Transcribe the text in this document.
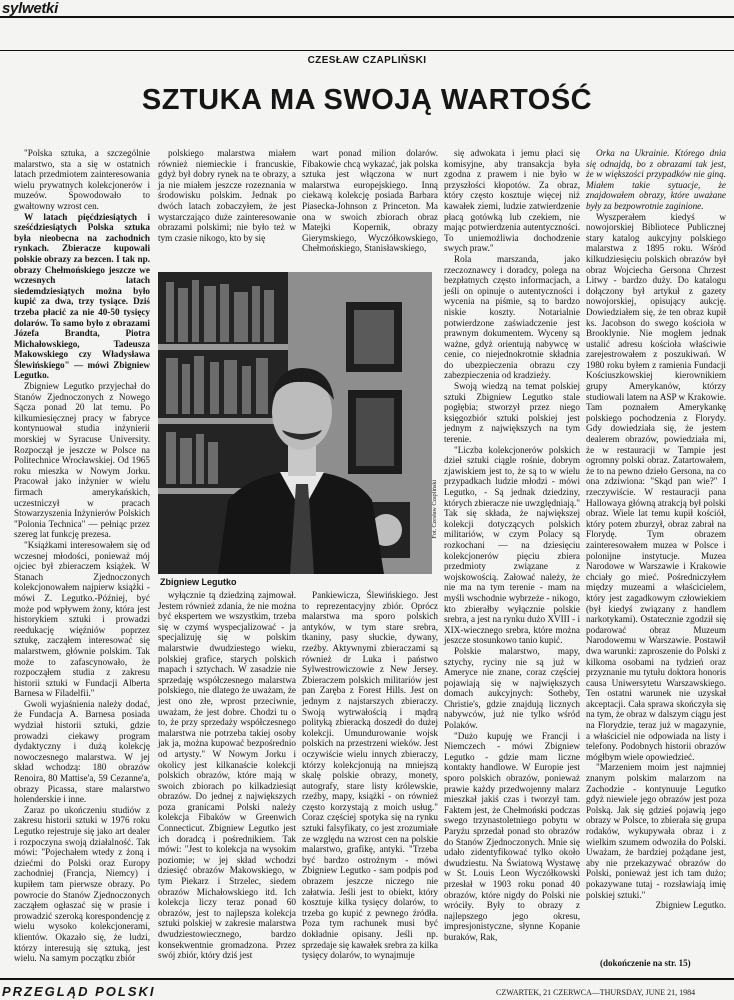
sylwetki
CZESŁAW CZAPLIŃSKI
SZTUKA MA SWOJĄ WARTOŚĆ

"Polska sztuka, a szczególnie malarstwo, sta a się w ostatnich latach przedmiotem zainteresowania wielu prywatnych kolekcjonerów i muzeów. Spowodowało to gwałtowny wzrost cen.

W latach pięćdziesiątych i sześćdziesiątych Polska sztuka była nieobecna na zachodnich rynkach. Zbieracze kupowali polskie obrazy za bezcen. I tak np. obrazy Chełmońskiego jeszcze we wczesnych latach siedemdziesiątych można było kupić za dwa, trzy tysiące. Dziś trzeba płacić za nie 40-50 tysięcy dolarów. To samo było z obrazami Józefa Brandta, Piotra Michałowskiego, Tadeusza Makowskiego czy Władysława Ślewińskiego" — mówi Zbigniew Legutko.

Zbigniew Legutko przyjechał do Stanów Zjednoczonych z Nowego Sącza ponad 20 lat temu. Po kilkumiesięcznej pracy w fabryce kontynuował studia inżynierii morskiej w Syracuse University. Rozpoczął je jeszcze w Polsce na Politechnice Wrocławskiej. Od 1965 roku mieszka w Nowym Jorku. Pracował jako inżynier w wielu firmach amerykańskich, uczestniczył w pracach Stowarzyszenia Inżynierów Polskich "Polonia Technica" — pełniąc przez szereg lat funkcję prezesa.

"Książkami interesowałem się od wczesnej młodości, ponieważ mój ojciec był zbieraczem książek. W Stanach Zjednoczonych kolekcjonowałem najpierw książki - mówi Z. Legutko.-Później, być może pod wpływem żony, która jest historykiem sztuki i prowadzi reedukację więźniów poprzez sztukę, zacząłem interesować się malarstwem, głównie polskim. Tak może to zafascynowało, że rozpocząłem studia z zakresu historii sztuki w Fundacji Alberta Barnesa w Filadelfii."

Gwoli wyjaśnienia należy dodać, że Fundacja A. Barnesa posiada wydział historii sztuki, gdzie prowadzi ciekawy program dydaktyczny i dużą kolekcję nowoczesnego malarstwa. W jej skład wchodzą: 180 obrazów Renoira, 80 Mattise'a, 59 Cezanne'a, obrazy Picassa, stare malarstwo holenderskie i inne.

Zaraz po ukończeniu studiów z zakresu historii sztuki w 1976 roku Legutko rejestruje się jako art dealer i rozpoczyna swoją działalność. Tak mówi: "Pojechałem wtedy z żoną i dziećmi do Polski oraz Europy zachodniej (Francja, Niemcy) i kupiłem tam pierwsze obrazy. Po powrocie do Stanów Zjednoczonych zacząłem ogłaszać się w prasie i prowadzić szeroką korespondencję z wielu wysoko kolekcjonerami, klientów. Okazało się, że ludzi, którzy interesują się sztuką, jest wielu. Na samym początku zbiór

polskiego malarstwa miałem również niemieckie i francuskie, gdyż był dobry rynek na te obrazy, a ja nie miałem jeszcze rozeznania w środowisku polskim. Jednak po dwóch latach zobaczyłem, że jest wystarczająco duże zainteresowanie obrazami polskimi; nie było też w tym czasie nikogo, kto by się

wart ponad milion dolarów. Fibakowie chcą wykazać, jak polska sztuka jest włączona w nurt malarstwa europejskiego. Inną ciekawą kolekcję posiada Barbara Piasecka-Johnson z Princeton. Ma ona w swoich zbiorach obraz Matejki Kopernik, obrazy Gierymskiego, Wyczółkowskiego, Chełmońskiego, Stanisławskiego,

Zbigniew Legutko
Fot. Czesław Czapliński

wyłącznie tą dziedziną zajmował. Jestem również zdania, że nie można być ekspertem we wszystkim, trzeba się w czymś wyspecjalizować - ja specjalizuję się w polskim malarstwie dwudziestego wieku, polskiej grafice, starych polskich mapach i sztychach. W zasadzie nie sprzedaję współczesnego malarstwa polskiego, nie dlatego że uważam, że jest ono złe, wprost przeciwnie, uważam, że jest dobre. Chodzi tu o to, że przy sprzedaży współczesnego malarstwa nie potrzeba takiej osoby jak ja, można kupować bezpośrednio od artysty." W Nowym Jorku i okolicy jest kilkanaście kolekcji polskich obrazów, które mają w swoich zbiorach po kilkadziesiąt obrazów. Do jednej z największych poza granicami Polski należy kolekcja Fibaków w Greenwich Connecticut. Zbigniew Legutko jest ich doradcą i pośrednikiem. Tak mówi: "Jest to kolekcja na wysokim poziomie; w jej skład wchodzi dziesięć obrazów Makowskiego, w tym Piekarz i Strzelec, siedem obrazów Michałowskiego itd. Ich kolekcja liczy teraz ponad 60 obrazów, jest to najlepsza kolekcja sztuki polskiej w zakresie malarstwa dwudziestowiecznego, bardzo konsekwentnie gromadzona. Przez swój zbiór, który dziś jest

Pankiewicza, Ślewińskiego. Jest to reprezentacyjny zbiór. Oprócz malarstwa ma sporo polskich antyków, w tym stare srebra, tkaniny, pasy słuckie, dywany, rzeźby. Aktywnymi zbieraczami są również dr Luka i państwo Sylwestrowiczowie z New Jersey. Zbieraczem polskich militariów jest pan Zaręba z Forest Hills. Jest on jednym z najstarszych zbieraczy. Swoją wytrwałością i mądrą polityką zbieracką doszedł do dużej kolekcji. Umundurowanie wojsk polskich na przestrzeni wieków. Jest oczywiście wielu innych zbieraczy, którzy kolekcjonują na mniejszą skalę polskie obrazy, monety, autografy, stare listy królewskie, rzeźby, mapy, książki - on również często korzystają z moich usług." Coraz częściej spotyka się na rynku sztuki falsyfikaty, co jest zrozumiałe ze względu na wzrost cen na polskie malarstwo, grafikę, antyki. "Trzeba być bardzo ostrożnym - mówi Zbigniew Legutko - sam podpis pod obrazem jeszcze niczego nie załatwia. Jeśli jest to obiekt, który kosztuje kilka tysięcy dolarów, to trzeba go kupić z pewnego źródła. Poza tym rachunek musi być dokładnie opisany. Jeśli np. sprzedaje się kawałek srebra za kilka tysięcy dolarów, to wynajmuje

się adwokata i jemu płaci się komisyjne, aby transakcja była zgodna z prawem i nie było w przyszłości kłopotów. Za obraz, który często kosztuje więcej niż kawałek ziemi, ludzie zatwierdzenie płacą gotówką lub czekiem, nie mając potwierdzenia autentyczności. To uniemożliwia dochodzenie swych praw."

Rola marszanda, jako rzeczoznawcy i doradcy, polega na bezpłatnych często informacjach, a jeśli on opinuje o autentyczności i wycenia na piśmie, są to bardzo niskie koszty. Notarialnie potwierdzone zaświadczenie jest prawnym dokumentem. Wyceny są ważne, gdyż orientują nabywcę w cenie, co niejednokrotnie składnia do ubezpieczenia obrazu czy zabezpieczenia od kradzieży.

Swoją wiedzą na temat polskiej sztuki Zbigniew Legutko stale pogłębia; stworzył przez niego księgozbiór sztuki polskiej jest jednym z największych na tym terenie.

"Liczba kolekcjonerów polskich dzieł sztuki ciągle rośnie, dobrym zjawiskiem jest to, że są to w wielu przypadkach ludzie młodzi - mówi Legutko, - Są jednak dziedziny, których zbieracze nie uwzględniają." Tak się składa, że największej kolekcji dotyczących polskich militariów, w czym Polacy są rozkochani — na dziesięciu kolekcjonerów pięciu zbiera przedmioty związane z wojskowością. Załować należy, że nie ma na tym terenie - mam na myśli wschodnie wybrzeże - nikogo, kto zbierałby wyłącznie polskie srebra, a jest na rynku dużo XVIII - i XIX-wiecznego srebra, które można jeszcze stosunkowo tanio kupić.

Polskie malarstwo, mapy, sztychy, ryciny nie są już w Ameryce nie znane, coraz częściej pojawiają się w największych domach aukcyjnych: Sotheby, Christie's, gdzie znajdują licznych nabywców, już nie tylko wśród Polaków.

"Dużo kupuję we Francji i Niemczech - mówi Zbigniew Legutko - gdzie mam liczne kontakty handlowe. W Europie jest sporo polskich obrazów, ponieważ prawie każdy przedwojenny malarz mieszkał jakiś czas i tworzył tam. Faktem jest, że Chełmoński podczas swego trzynastoletniego pobytu w Paryżu sprzedał ponad sto obrazów do Stanów Zjednoczonych. Mnie się udało zidentyfikować tylko około dwudziestu. Na Światową Wystawę w St. Louis Leon Wyczółkowski przesłał w 1903 roku ponad 40 obrazów, które nigdy do Polski nie wróciły. Były to obrazy z najlepszego jego okresu, impresjonistyczne, słynne Kopanie buraków, Rak,

Orka na Ukrainie. Którego dnia się odnajdą, bo z obrazami tak jest, że w większości przypadków nie giną. Miałem takie sytuacje, że znajdowałem obrazy, które uważane były za bezpowrotnie zaginione.

Wyszperałem kiedyś w nowojorskiej Bibliotece Publicznej stary katalog aukcyjny polskiego malarstwa z 1895 roku. Wśród kilkudziesięciu polskich obrazów był obraz Wojciecha Gersona Chrzest Litwy - bardzo duży. Do katalogu dołączony był artykuł z gazety nowojorskiej, opisujący aukcję. Dowiedziałem się, że ten obraz kupił ks. Jacobson do swego kościoła w Brooklynie. Nie mogłem jednak ustalić adresu kościoła właściwie zarejestrowałem z poszukiwań. W 1980 roku byłem z ramienia Fundacji Kościuszkowskiej kierownikiem grupy Amerykanów, którzy studiowali latem na ASP w Krakowie. Tam poznałem Amerykankę polskiego pochodzenia z Florydy. Gdy dowiedziała się, że jestem dealerem obrazów, powiedziała mi, że w restauracji w Tampie jest ogromny polski obraz. Zatartowałem, że to na pewno dzieło Gersona, na co ona zdziwiona: "Skąd pan wie?" I rzeczywiście. W restauracji pana Hallowaya główną atrakcją był polski obraz. Wiele lat temu kupił kościół, który potem zburzył, obraz zabrał na Florydę. Tym obrazem zainteresowałem muzea w Polsce i polonijne instytucje. Muzea Narodowe w Warszawie i Krakowie chciały go mieć. Pośredniczyłem między muzeami a właścicielem, który jest zagadkowym człowiekiem (był kiedyś związany z handlem narkotykami). Ostatecznie zgodził się podarować obraz Muzeum Narodowemu w Warszawie. Postawił dwa warunki: zaproszenie do Polski z kilkoma osobami na tydzień oraz przyznanie mu tytułu doktora honoris causa Uniwersytetu Warszawskiego. Ten ostatni warunek nie uzyskał akceptacji. Cała sprawa skończyła się na tym, że obraz w dalszym ciągu jest na Florydzie, teraz już w magazynie, a właściciel nie odpowiada na listy i telefony. Podobnych historii obrazów mógłbym wiele opowiedzieć.

"Marzeniem moim jest najmniej znanym polskim malarzom na Zachodzie - kontynuuje Legutko gdyż niewiele jego obrazów jest poza Polską. Jak się gdzieś pojawią jego obrazy w Polsce, to zbierała się grupa rodaków, wykupywała obraz i z wielkim szumem odwoziła do Polski. Uważam, że bardziej pożądane jest, aby nie przekazywać obrazów do Polski, ponieważ jest ich tam dużo; pokazywane tutaj - rozsławiają imię polskiej sztuki."

Zbigniew Legutko.

(dokończenie na str. 15)
PRZEGLĄD POLSKI	CZWARTEK, 21 CZERWCA—THURSDAY, JUNE 21, 1984
